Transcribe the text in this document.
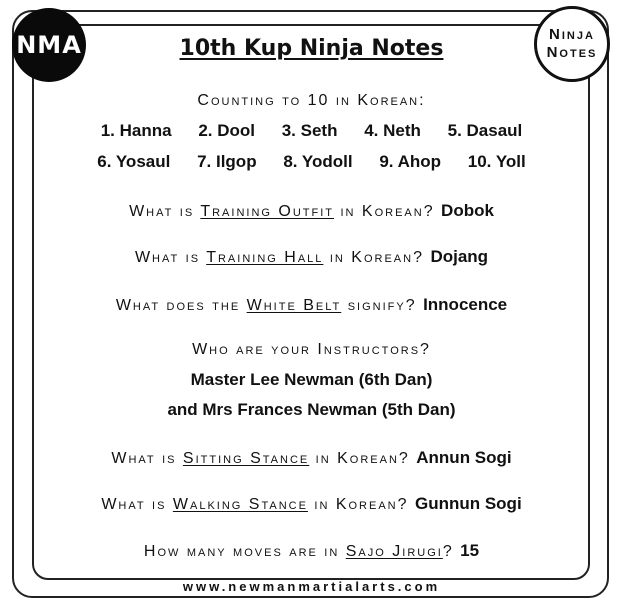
NMA	Ninja
Notes
10th Kup Ninja Notes
Counting to 10 in Korean:
1. Hanna 2. Dool 3. Seth 4. Neth 5. Dasaul
6. Yosaul 7. Ilgop 8. Yodoll 9. Ahop 10. Yoll
What is Training Outfit in Korean? Dobok
What is Training Hall in Korean? Dojang
What does the White Belt signify? Innocence
Who are your Instructors?
Master Lee Newman (6th Dan)
and Mrs Frances Newman (5th Dan)
What is Sitting Stance in Korean? Annun Sogi
What is Walking Stance in Korean? Gunnun Sogi
How many moves are in Sajo Jirugi? 15
www.newmanmartialarts.com
